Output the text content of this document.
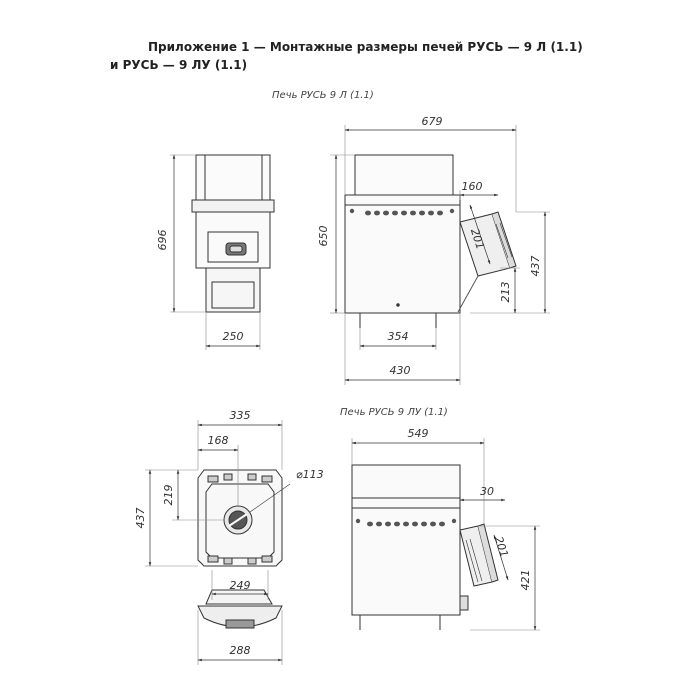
Приложение 1 — Монтажные размеры печей РУСЬ — 9 Л (1.1)
и РУСЬ — 9 ЛУ (1.1)
Печь РУСЬ 9 Л (1.1)
Печь РУСЬ 9 ЛУ (1.1)
696
250
679
650
160
201
437
213
354
430
335
168
219
437
⌀113
249
288
549
30
201
421
